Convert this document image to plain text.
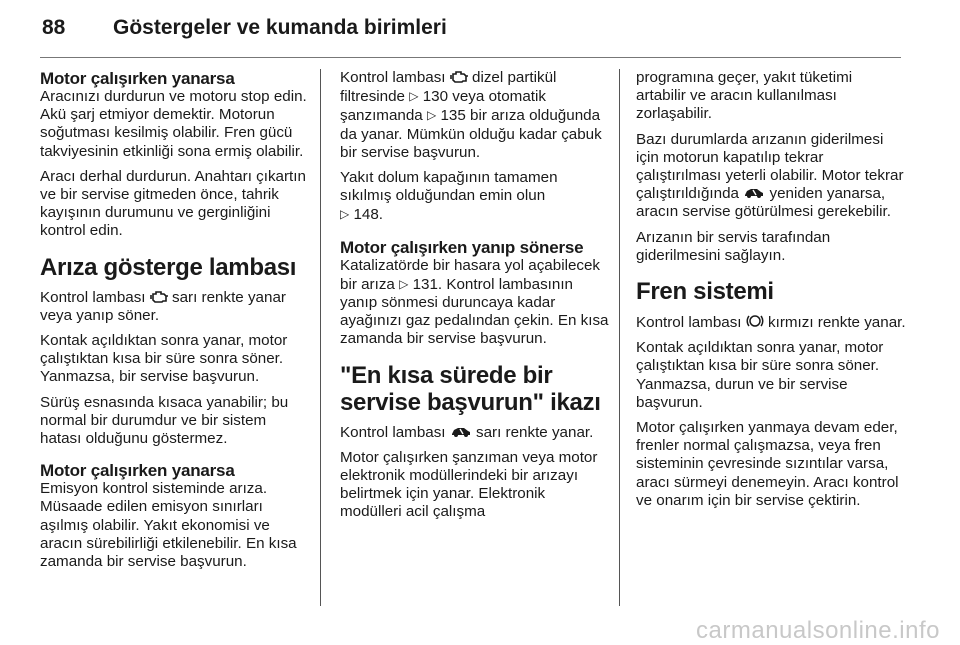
88 Göstergeler ve kumanda birimleri
Motor çalışırken yanarsa

Aracınızı durdurun ve motoru stop edin. Akü şarj etmiyor demektir. Motorun soğutması kesilmiş olabilir. Fren gücü takviyesinin etkinliği sona ermiş olabilir.

Aracı derhal durdurun. Anahtarı çıkartın ve bir servise gitmeden önce, tahrik kayışının durumunu ve gerginliğini kontrol edin.

Arıza gösterge lambası

Kontrol lambası sarı renkte yanar veya yanıp söner.

Kontak açıldıktan sonra yanar, motor çalıştıktan kısa bir süre sonra söner. Yanmazsa, bir servise başvurun.

Sürüş esnasında kısaca yanabilir; bu normal bir durumdur ve bir sistem hatası olduğunu göstermez.

Motor çalışırken yanarsa

Emisyon kontrol sisteminde arıza. Müsaade edilen emisyon sınırları aşılmış olabilir. Yakıt ekonomisi ve aracın sürebilirliği etkilenebilir. En kısa zamanda bir servise başvurun.

Kontrol lambası dizel partikül filtresinde ▷ 130 veya otomatik şanzımanda ▷ 135 bir arıza olduğunda da yanar. Mümkün olduğu kadar çabuk bir servise başvurun.

Yakıt dolum kapağının tamamen sıkılmış olduğundan emin olun
▷ 148.

Motor çalışırken yanıp sönerse

Katalizatörde bir hasara yol açabilecek bir arıza ▷ 131. Kontrol lambasının yanıp sönmesi duruncaya kadar ayağınızı gaz pedalından çekin. En kısa zamanda bir servise başvurun.

"En kısa sürede bir servise başvurun" ikazı

Kontrol lambası sarı renkte yanar.

Motor çalışırken şanzıman veya motor elektronik modüllerindeki bir arızayı belirtmek için yanar. Elektronik modülleri acil çalışma

programına geçer, yakıt tüketimi artabilir ve aracın kullanılması zorlaşabilir.

Bazı durumlarda arızanın giderilmesi için motorun kapatılıp tekrar çalıştırılması yeterli olabilir. Motor tekrar çalıştırıldığında yeniden yanarsa, aracın servise götürülmesi gerekebilir.

Arızanın bir servis tarafından giderilmesini sağlayın.

Fren sistemi

Kontrol lambası kırmızı renkte yanar.

Kontak açıldıktan sonra yanar, motor çalıştıktan kısa bir süre sonra söner. Yanmazsa, durun ve bir servise başvurun.

Motor çalışırken yanmaya devam eder, frenler normal çalışmazsa, veya fren sisteminin çevresinde sızıntılar varsa, aracı sürmeyi denemeyin. Aracı kontrol ve onarım için bir servise çektirin.

carmanualsonline.info
